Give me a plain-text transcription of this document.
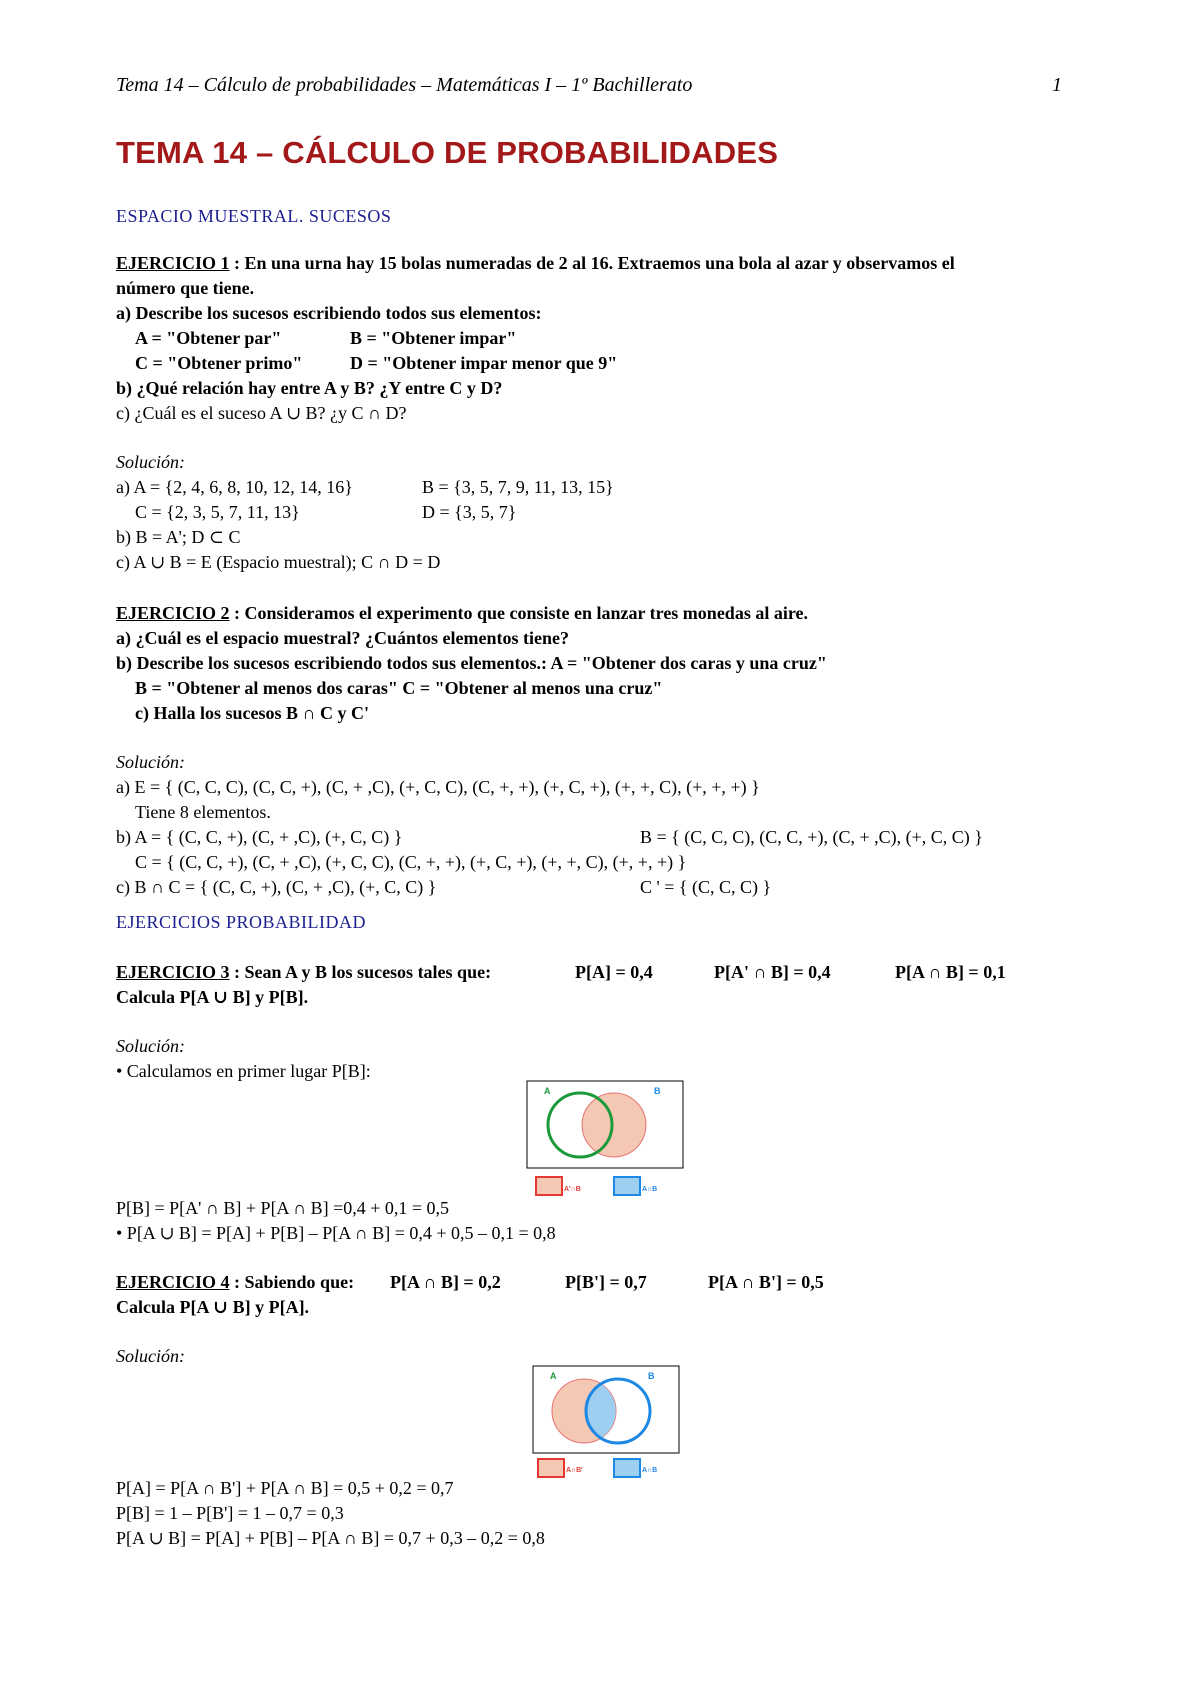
Tema 14 – Cálculo de probabilidades – Matemáticas I – 1º Bachillerato	1
TEMA 14 – CÁLCULO DE PROBABILIDADES
ESPACIO MUESTRAL. SUCESOS
EJERCICIO 1 : En una urna hay 15 bolas numeradas de 2 al 16. Extraemos una bola al azar y observamos el
número que tiene.
a) Describe los sucesos escribiendo todos sus elementos:
A = "Obtener par"	B = "Obtener impar"
C = "Obtener primo"	D = "Obtener impar menor que 9"
b) ¿Qué relación hay entre A y B? ¿Y entre C y D?
c) ¿Cuál es el suceso A ∪ B? ¿y C ∩ D?
Solución:
a) A = {2, 4, 6, 8, 10, 12, 14, 16}	B = {3, 5, 7, 9, 11, 13, 15}
C = {2, 3, 5, 7, 11, 13}	D = {3, 5, 7}
b) B = A'; D ⊂ C
c) A ∪ B = E (Espacio muestral); C ∩ D = D
EJERCICIO 2 : Consideramos el experimento que consiste en lanzar tres monedas al aire.
a) ¿Cuál es el espacio muestral? ¿Cuántos elementos tiene?
b) Describe los sucesos escribiendo todos sus elementos.: A = "Obtener dos caras y una cruz"
B = "Obtener al menos dos caras" C = "Obtener al menos una cruz"
c) Halla los sucesos B ∩ C y C'
Solución:
a) E = { (C, C, C), (C, C, +), (C, + ,C), (+, C, C), (C, +, +), (+, C, +), (+, +, C), (+, +, +) }
Tiene 8 elementos.
b) A = { (C, C, +), (C, + ,C), (+, C, C) }	B = { (C, C, C), (C, C, +), (C, + ,C), (+, C, C) }
C = { (C, C, +), (C, + ,C), (+, C, C), (C, +, +), (+, C, +), (+, +, C), (+, +, +) }
c) B ∩ C = { (C, C, +), (C, + ,C), (+, C, C) }	C ' = { (C, C, C) }
EJERCICIOS PROBABILIDAD
EJERCICIO 3 : Sean A y B los sucesos tales que:	P[A] = 0,4	P[A' ∩ B] = 0,4	P[A ∩ B] = 0,1
Calcula P[A ∪ B] y P[B].
Solución:
• Calculamos en primer lugar P[B]:
A	B
A'∩B	A∩B
P[B] = P[A' ∩ B] + P[A ∩ B] =0,4 + 0,1 = 0,5
• P[A ∪ B] = P[A] + P[B] – P[A ∩ B] = 0,4 + 0,5 – 0,1 = 0,8
EJERCICIO 4 : Sabiendo que: P[A ∩ B] = 0,2	P[B'] = 0,7	P[A ∩ B'] = 0,5
Calcula P[A ∪ B] y P[A].
Solución:
A	B
A∩B'	A∩B
P[A] = P[A ∩ B'] + P[A ∩ B] = 0,5 + 0,2 = 0,7
P[B] = 1 – P[B'] = 1 – 0,7 = 0,3
P[A ∪ B] = P[A] + P[B] – P[A ∩ B] = 0,7 + 0,3 – 0,2 = 0,8
